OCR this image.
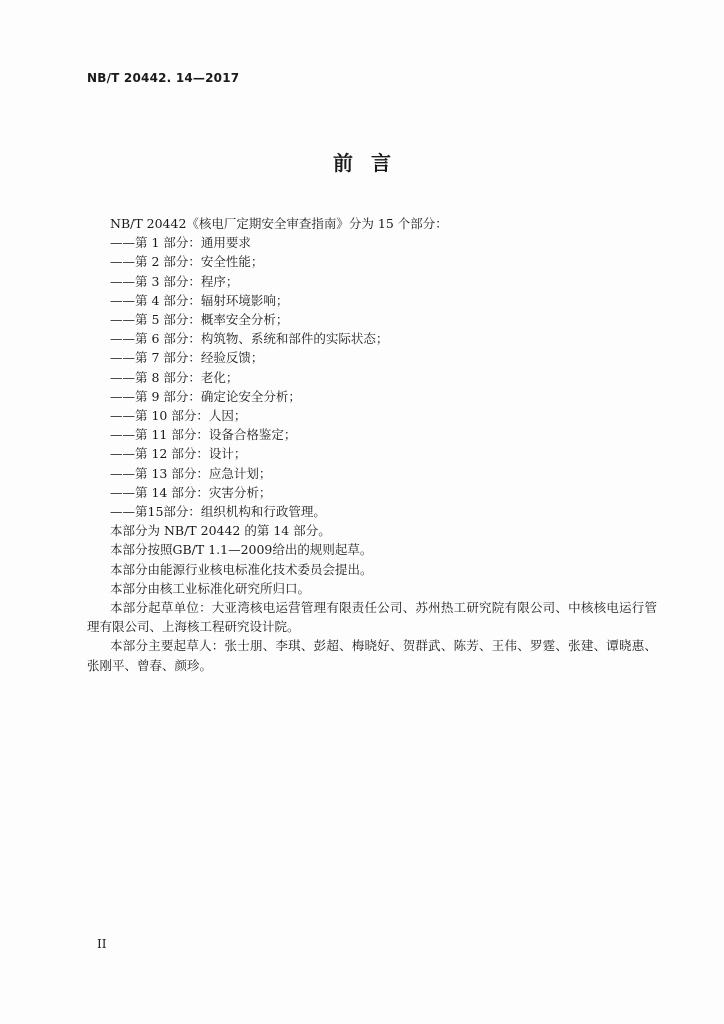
NB/T 20442. 14—2017
前言
NB/T 20442《核电厂定期安全审查指南》分为 15 个部分：
——第 1 部分：通用要求
——第 2 部分：安全性能；
——第 3 部分：程序；
——第 4 部分：辐射环境影响；
——第 5 部分：概率安全分析；
——第 6 部分：构筑物、系统和部件的实际状态；
——第 7 部分：经验反馈；
——第 8 部分：老化；
——第 9 部分：确定论安全分析；
——第 10 部分：人因；
——第 11 部分：设备合格鉴定；
——第 12 部分：设计；
——第 13 部分：应急计划；
——第 14 部分：灾害分析；
——第15部分：组织机构和行政管理。
本部分为 NB/T 20442 的第 14 部分。
本部分按照GB/T 1.1—2009给出的规则起草。
本部分由能源行业核电标准化技术委员会提出。
本部分由核工业标准化研究所归口。
本部分起草单位：大亚湾核电运营管理有限责任公司、苏州热工研究院有限公司、中核核电运行管理有限公司、上海核工程研究设计院。
本部分主要起草人：张士朋、李琪、彭超、梅晓好、贺群武、陈芳、王伟、罗霆、张建、谭晓惠、张刚平、曾春、颜珍。
II
